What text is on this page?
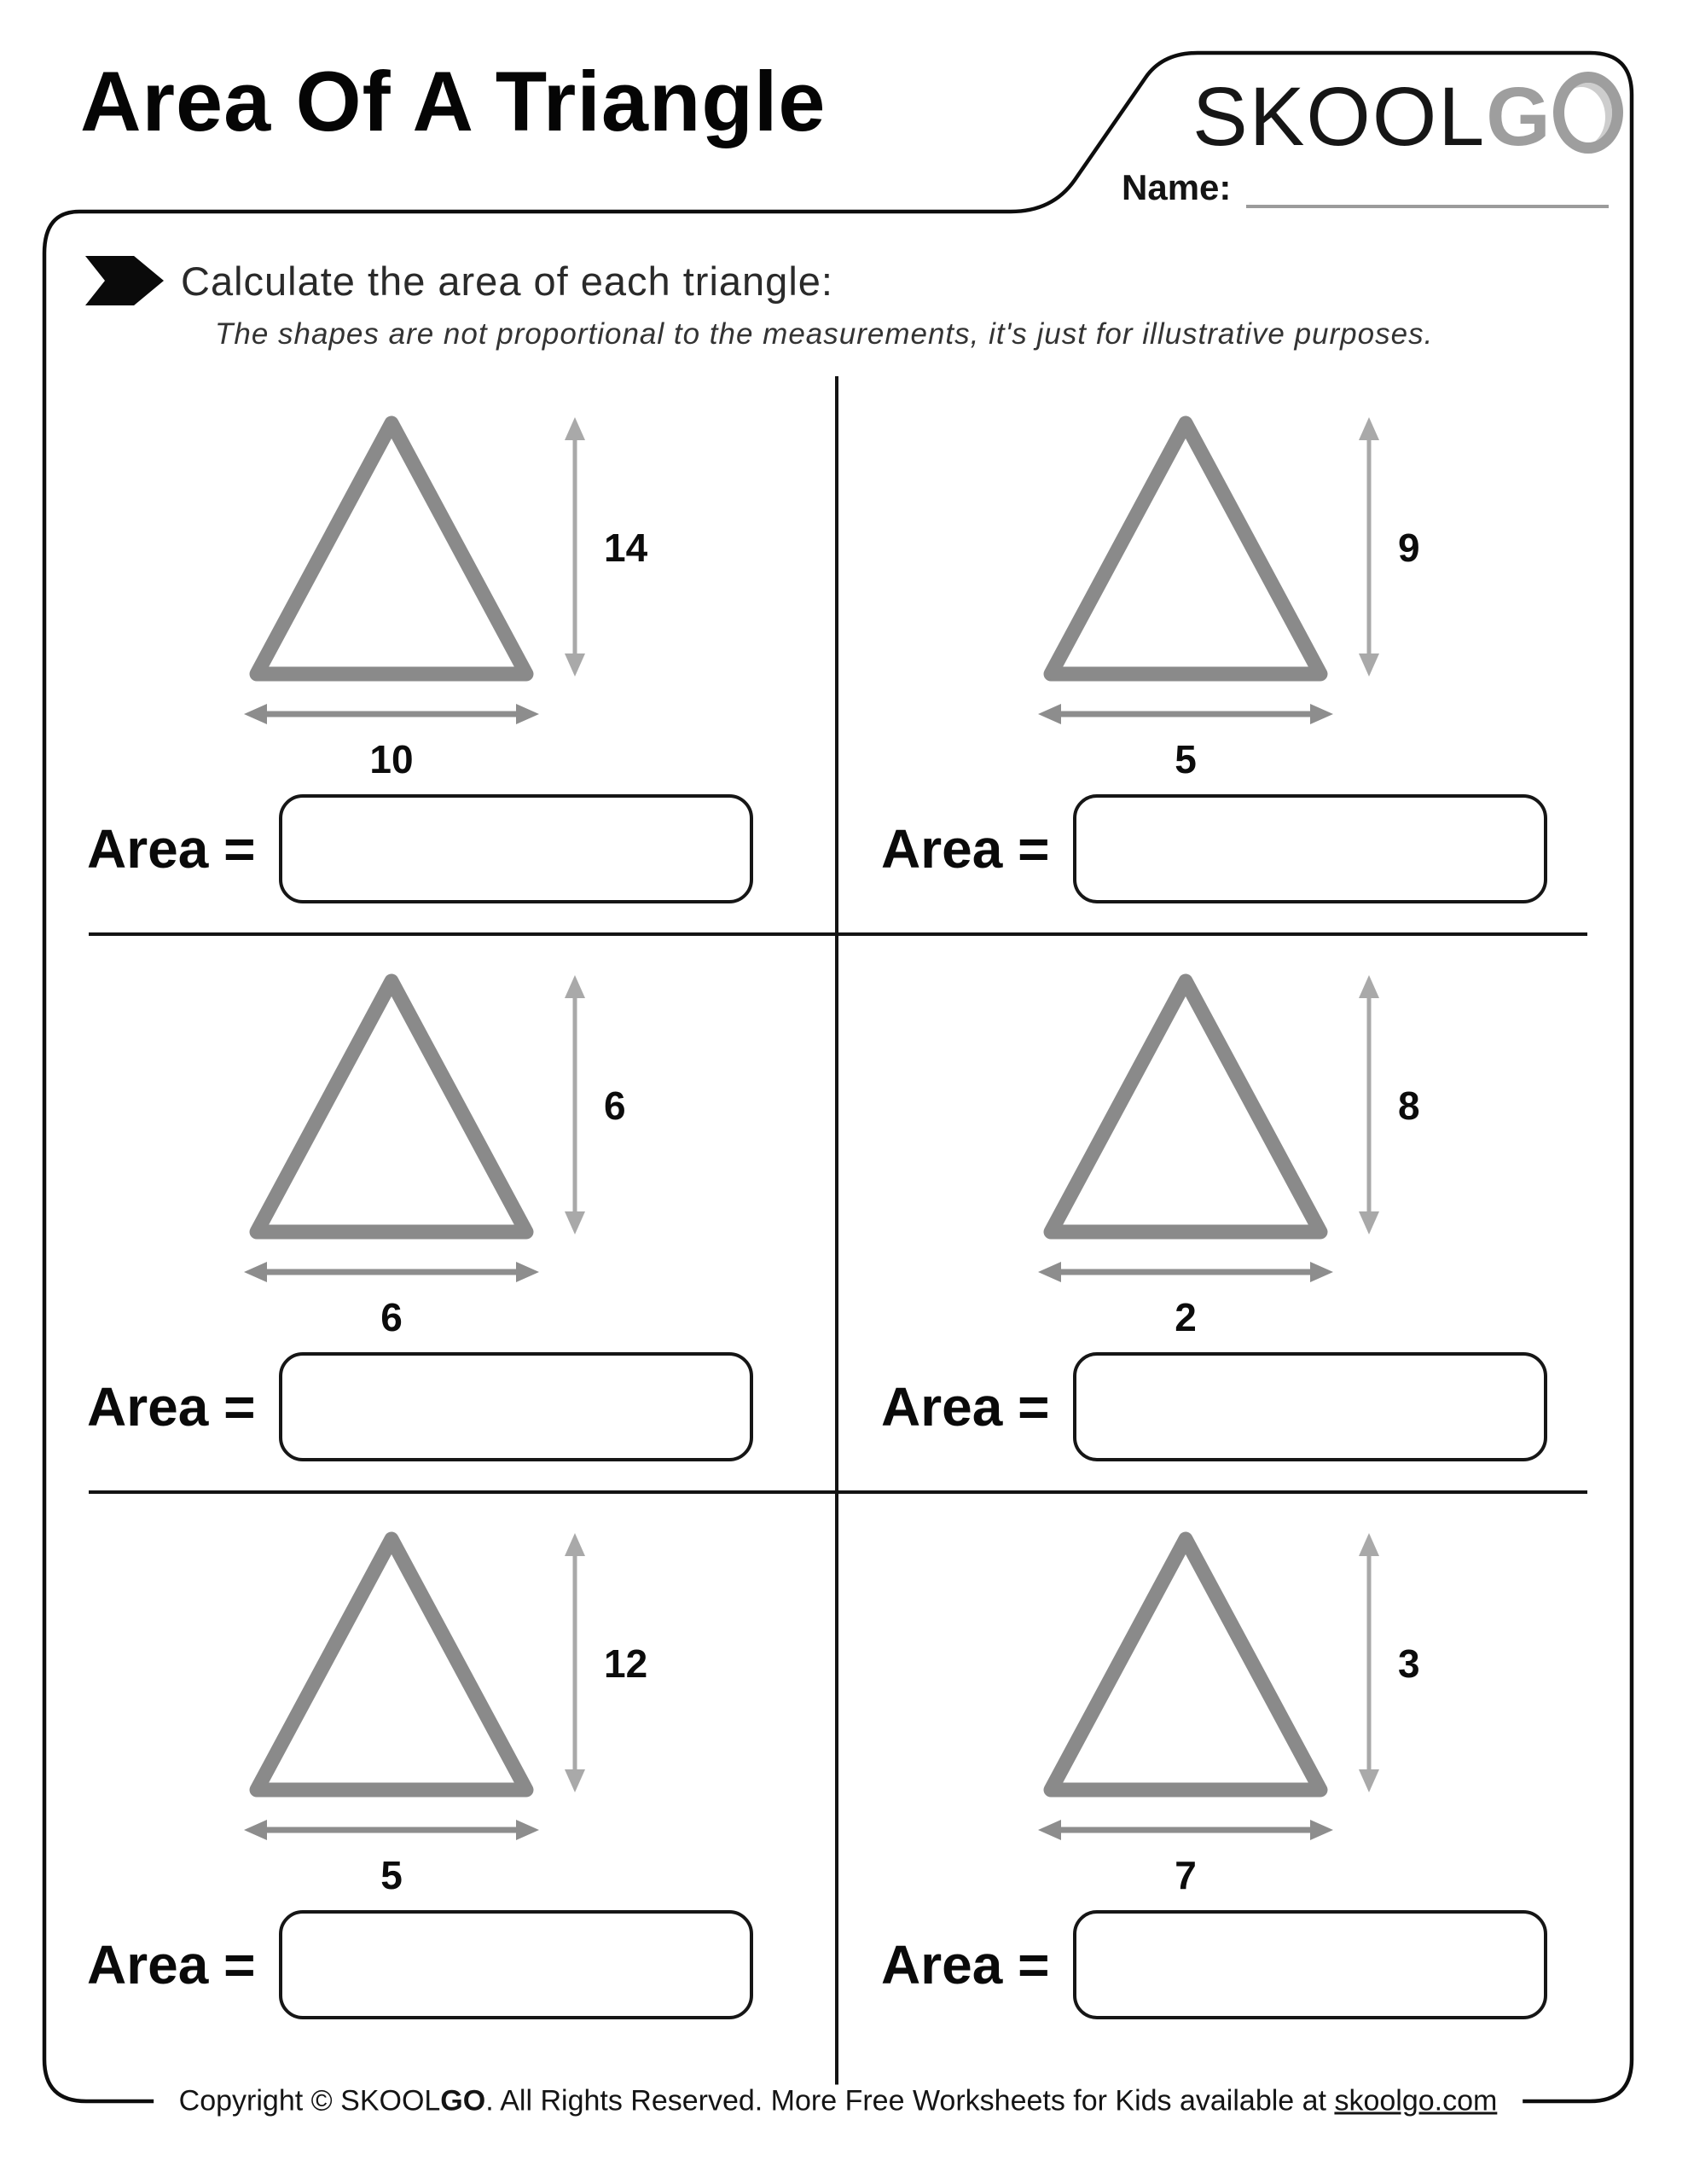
Area Of A Triangle	SKOOLG
Name:
Calculate the area of each triangle:
The shapes are not proportional to the measurements, it's just for illustrative purposes.
14
10
Area =
9
5
Area =
6
6
Area =
8
2
Area =
12
5
Area =
3
7
Area =
Copyright © SKOOLGO. All Rights Reserved. More Free Worksheets for Kids available at skoolgo.com
